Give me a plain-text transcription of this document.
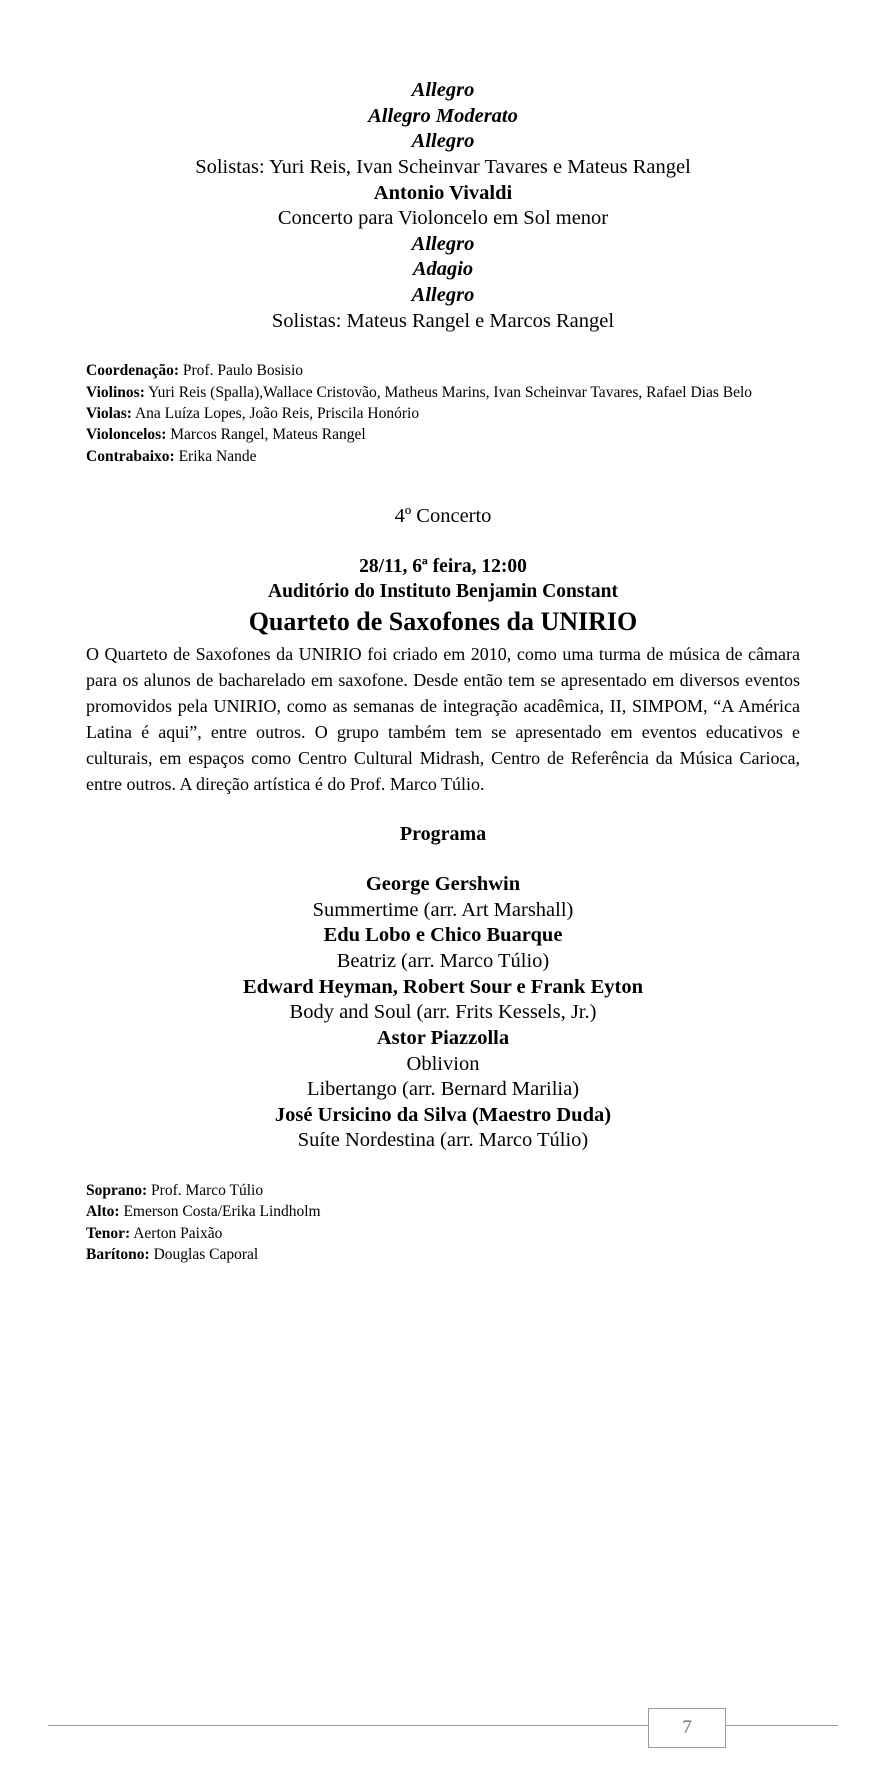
Allegro
Allegro Moderato
Allegro
Solistas: Yuri Reis, Ivan Scheinvar Tavares e Mateus Rangel
Antonio Vivaldi
Concerto para Violoncelo em Sol menor
Allegro
Adagio
Allegro
Solistas: Mateus Rangel e Marcos Rangel
Coordenação: Prof. Paulo Bosisio
Violinos: Yuri Reis (Spalla),Wallace Cristovão, Matheus Marins, Ivan Scheinvar Tavares, Rafael Dias Belo
Violas: Ana Luíza Lopes, João Reis, Priscila Honório
Violoncelos: Marcos Rangel, Mateus Rangel
Contrabaixo: Erika Nande
4º Concerto
28/11, 6ª feira, 12:00
Auditório do Instituto Benjamin Constant
Quarteto de Saxofones da UNIRIO
O Quarteto de Saxofones da UNIRIO foi criado em 2010, como uma turma de música de câmara para os alunos de bacharelado em saxofone. Desde então tem se apresentado em diversos eventos promovidos pela UNIRIO, como as semanas de integração acadêmica, II, SIMPOM, “A América Latina é aqui”, entre outros. O grupo também tem se apresentado em eventos educativos e culturais, em espaços como Centro Cultural Midrash, Centro de Referência da Música Carioca, entre outros. A direção artística é do Prof. Marco Túlio.
Programa
George Gershwin
Summertime (arr. Art Marshall)
Edu Lobo e Chico Buarque
Beatriz (arr. Marco Túlio)
Edward Heyman, Robert Sour e Frank Eyton
Body and Soul (arr. Frits Kessels, Jr.)
Astor Piazzolla
Oblivion
Libertango (arr. Bernard Marilia)
José Ursicino da Silva (Maestro Duda)
Suíte Nordestina (arr. Marco Túlio)
Soprano: Prof. Marco Túlio
Alto: Emerson Costa/Erika Lindholm
Tenor: Aerton Paixão
Barítono: Douglas Caporal
7
